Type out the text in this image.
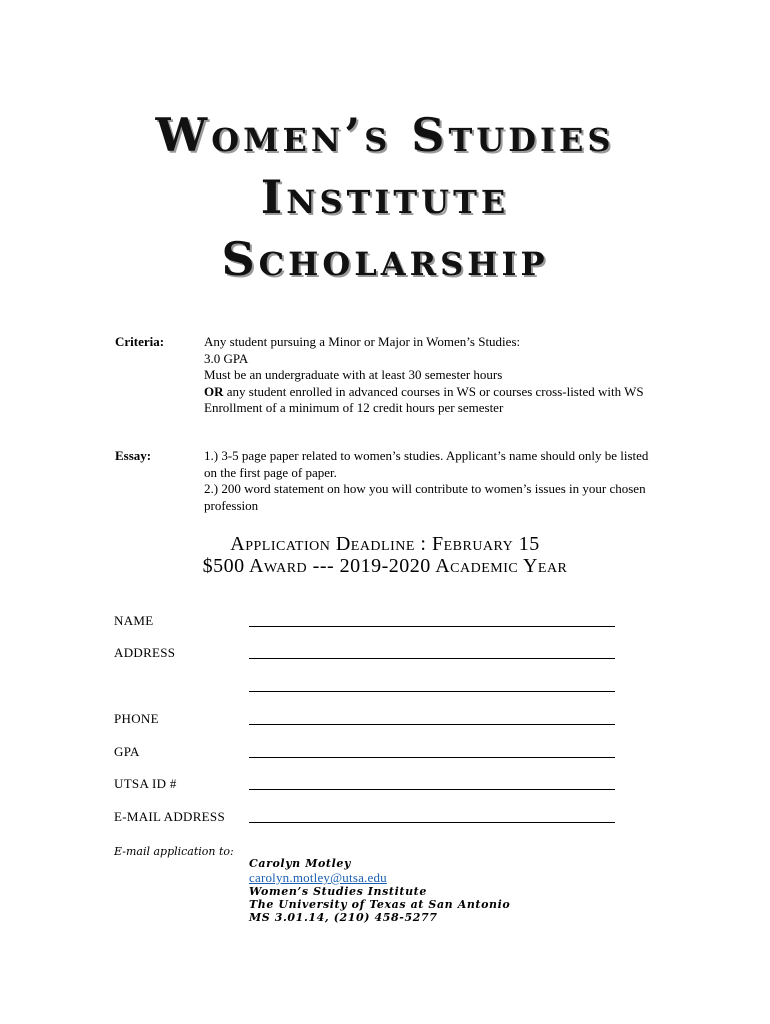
Women’s Studies
Institute
Scholarship
Criteria:	Any student pursuing a Minor or Major in Women’s Studies:
3.0 GPA
Must be an undergraduate with at least 30 semester hours
OR any student enrolled in advanced courses in WS or courses cross-listed with WS
Enrollment of a minimum of 12 credit hours per semester
Essay:	1.) 3-5 page paper related to women’s studies. Applicant’s name should only be listed on the first page of paper.
2.) 200 word statement on how you will contribute to women’s issues in your chosen profession
Application Deadline : February 15
$500 Award --- 2019-2020 Academic Year
NAME
ADDRESS
PHONE
GPA
UTSA ID #
E-MAIL ADDRESS
E-mail application to:
Carolyn Motley
carolyn.motley@utsa.edu
Women’s Studies Institute
The University of Texas at San Antonio
MS 3.01.14, (210) 458-5277
